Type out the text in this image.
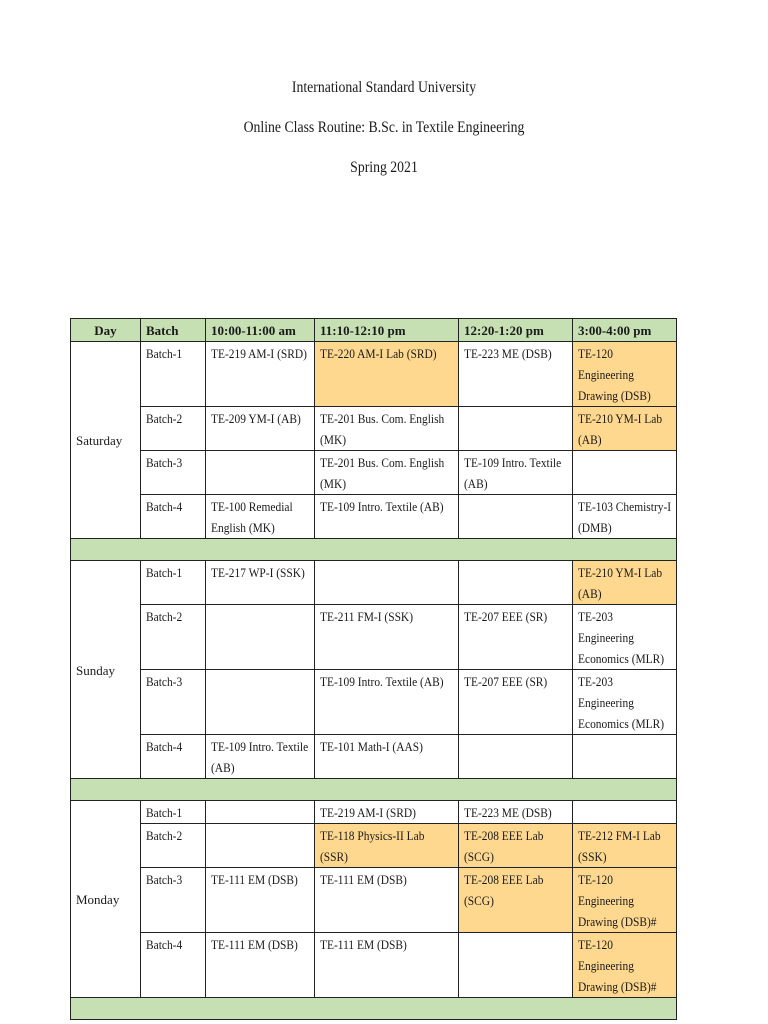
International Standard University
Online Class Routine: B.Sc. in Textile Engineering
Spring 2021
Day	Batch	10:00-11:00 am	11:10-12:10 pm	12:20-1:20 pm	3:00-4:00 pm
Saturday	Batch-1	TE-219 AM-I (SRD)	TE-220 AM-I Lab (SRD)	TE-223 ME (DSB)	TE-120 Engineering Drawing (DSB)

	Batch-2	TE-209 YM-I (AB)	TE-201 Bus. Com. English (MK)		TE-210 YM-I Lab (AB)

	Batch-3		TE-201 Bus. Com. English (MK)	TE-109 Intro. Textile (AB)	

	Batch-4	TE-100 Remedial English (MK)	TE-109 Intro. Textile (AB)		TE-103 Chemistry-I (DMB)

Sunday	Batch-1	TE-217 WP-I (SSK)			TE-210 YM-I Lab (AB)

	Batch-2		TE-211 FM-I (SSK)	TE-207 EEE (SR)	TE-203 Engineering Economics (MLR)

	Batch-3		TE-109 Intro. Textile (AB)	TE-207 EEE (SR)	TE-203 Engineering Economics (MLR)

	Batch-4	TE-109 Intro. Textile (AB)	TE-101 Math-I (AAS)		

Monday	Batch-1		TE-219 AM-I (SRD)	TE-223 ME (DSB)	

	Batch-2		TE-118 Physics-II Lab (SSR)	TE-208 EEE Lab (SCG)	TE-212 FM-I Lab (SSK)

	Batch-3	TE-111 EM (DSB)	TE-111 EM (DSB)	TE-208 EEE Lab (SCG)	TE-120 Engineering Drawing (DSB)#

	Batch-4	TE-111 EM (DSB)	TE-111 EM (DSB)		TE-120 Engineering Drawing (DSB)#
